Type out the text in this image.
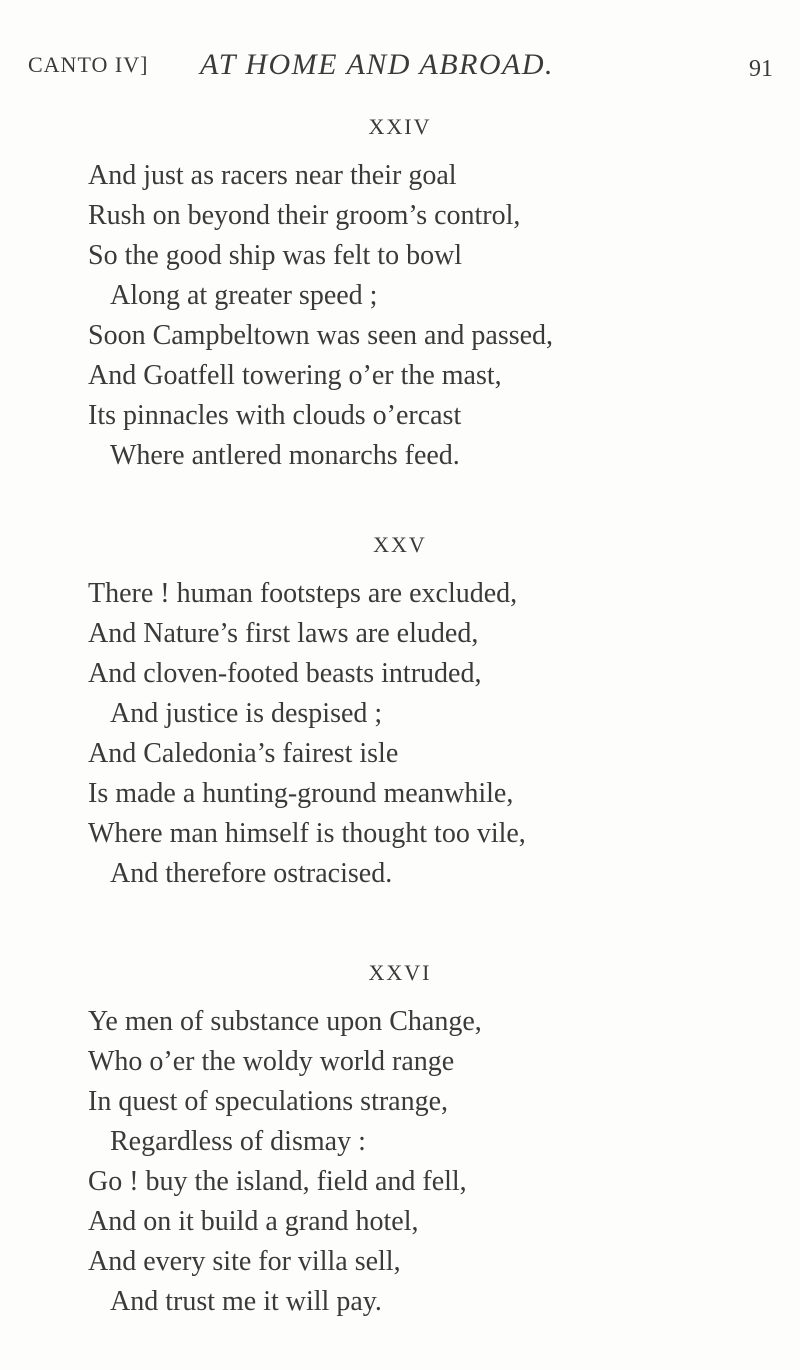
CANTO IV] AT HOME AND ABROAD.	91
XXIV
And just as racers near their goal
Rush on beyond their groom’s control,
So the good ship was felt to bowl
Along at greater speed ;
Soon Campbeltown was seen and passed,
And Goatfell towering o’er the mast,
Its pinnacles with clouds o’ercast
Where antlered monarchs feed.
XXV
There ! human footsteps are excluded,
And Nature’s first laws are eluded,
And cloven-footed beasts intruded,
And justice is despised ;
And Caledonia’s fairest isle
Is made a hunting-ground meanwhile,
Where man himself is thought too vile,
And therefore ostracised.
XXVI
Ye men of substance upon Change,
Who o’er the woldy world range
In quest of speculations strange,
Regardless of dismay :
Go ! buy the island, field and fell,
And on it build a grand hotel,
And every site for villa sell,
And trust me it will pay.
